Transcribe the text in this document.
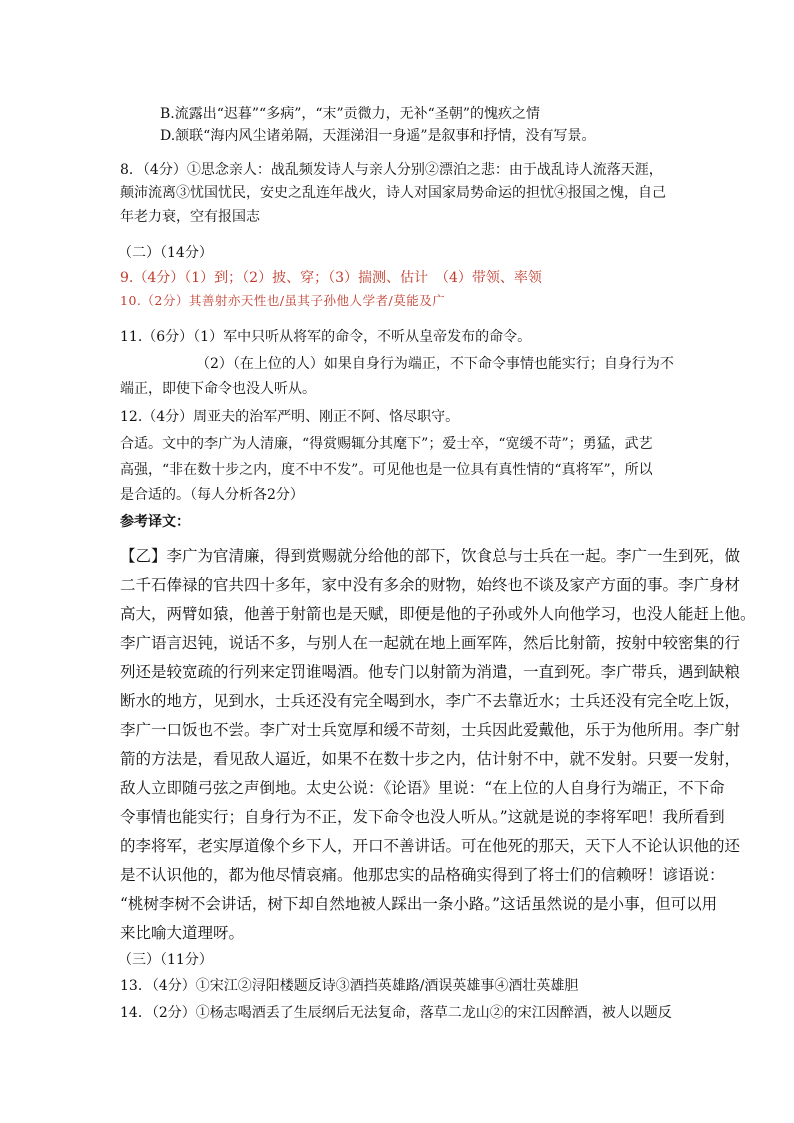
B.流露出“迟暮”“多病”，“末”贡微力，无补“圣朝”的愧疚之情
D.颔联“海内风尘诸弟隔，天涯涕泪一身遥”是叙事和抒情，没有写景。
8．（4分）①思念亲人：战乱频发诗人与亲人分别②漂泊之悲：由于战乱诗人流落天涯，
颠沛流离③忧国忧民，安史之乱连年战火，诗人对国家局势命运的担忧④报国之愧，自己
年老力衰，空有报国志
（二）（14分）
9.（4分）（1）到；（2）披、穿；（3）揣测、估计　（4）带领、率领
10.（2分）其善射亦天性也/虽其子孙他人学者/莫能及广
11.（6分）（1）军中只听从将军的命令，不听从皇帝发布的命令。
（2）（在上位的人）如果自身行为端正，不下命令事情也能实行；自身行为不
端正，即使下命令也没人听从。
12.（4分）周亚夫的治军严明、刚正不阿、恪尽职守。
合适。文中的李广为人清廉，“得赏赐辄分其麾下”；爱士卒，“宽缓不苛”；勇猛，武艺
高强，“非在数十步之内，度不中不发”。可见他也是一位具有真性情的“真将军”，所以
是合适的。（每人分析各2分）
参考译文：
【乙】李广为官清廉，得到赏赐就分给他的部下，饮食总与士兵在一起。李广一生到死，做
二千石俸禄的官共四十多年，家中没有多余的财物，始终也不谈及家产方面的事。李广身材
高大，两臂如猿，他善于射箭也是天赋，即便是他的子孙或外人向他学习，也没人能赶上他。
李广语言迟钝，说话不多，与别人在一起就在地上画军阵，然后比射箭，按射中较密集的行
列还是较宽疏的行列来定罚谁喝酒。他专门以射箭为消遣，一直到死。李广带兵，遇到缺粮
断水的地方，见到水，士兵还没有完全喝到水，李广不去靠近水；士兵还没有完全吃上饭，
李广一口饭也不尝。李广对士兵宽厚和缓不苛刻，士兵因此爱戴他，乐于为他所用。李广射
箭的方法是，看见敌人逼近，如果不在数十步之内，估计射不中，就不发射。只要一发射，
敌人立即随弓弦之声倒地。太史公说：《论语》里说：“在上位的人自身行为端正，不下命
令事情也能实行；自身行为不正，发下命令也没人听从。”这就是说的李将军吧！我所看到
的李将军，老实厚道像个乡下人，开口不善讲话。可在他死的那天，天下人不论认识他的还
是不认识他的，都为他尽情哀痛。他那忠实的品格确实得到了将士们的信赖呀！谚语说：
“桃树李树不会讲话，树下却自然地被人踩出一条小路。”这话虽然说的是小事，但可以用
来比喻大道理呀。
（三）（11分）
13．（4分）①宋江②浔阳楼题反诗③酒挡英雄路/酒误英雄事④酒壮英雄胆
14．（2分）①杨志喝酒丢了生辰纲后无法复命，落草二龙山②的宋江因醉酒，被人以题反
